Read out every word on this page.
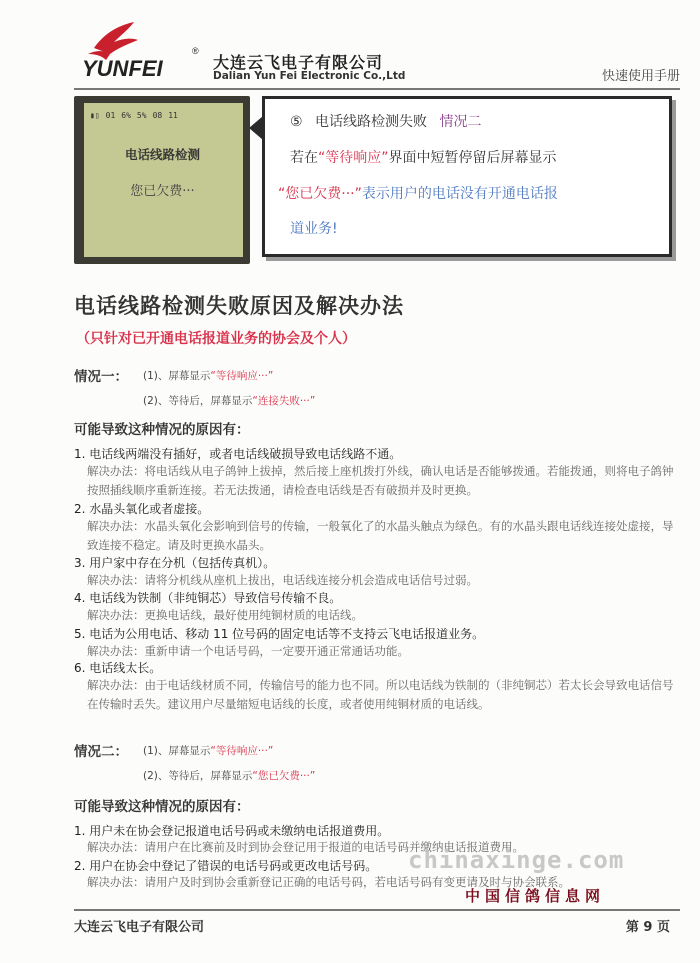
YUNFEI
®
大连云飞电子有限公司
Dalian Yun Fei Electronic Co.,Ltd	快速使用手册
▮▯ 01 6% 5% 08 11
电话线路检测
您已欠费···
⑤ 电话线路检测失败 情况二
若在“等待响应”界面中短暂停留后屏幕显示
“您已欠费···”表示用户的电话没有开通电话报
道业务!
电话线路检测失败原因及解决办法
（只针对已开通电话报道业务的协会及个人）
情况一： (1)、屏幕显示“等待响应···”
(2)、等待后，屏幕显示“连接失败···”
可能导致这种情况的原因有：
1. 电话线两端没有插好，或者电话线破损导致电话线路不通。
解决办法：将电话线从电子鸽钟上拔掉，然后接上座机拨打外线，确认电话是否能够拨通。若能拨通，则将电子鸽钟按照插线顺序重新连接。若无法拨通，请检查电话线是否有破损并及时更换。
2. 水晶头氧化或者虚接。
解决办法：水晶头氧化会影响到信号的传输，一般氧化了的水晶头触点为绿色。有的水晶头跟电话线连接处虚接，导致连接不稳定。请及时更换水晶头。
3. 用户家中存在分机（包括传真机）。
解决办法：请将分机线从座机上拔出，电话线连接分机会造成电话信号过弱。
4. 电话线为铁制（非纯铜芯）导致信号传输不良。
解决办法：更换电话线，最好使用纯铜材质的电话线。
5. 电话为公用电话、移动 11 位号码的固定电话等不支持云飞电话报道业务。
解决办法：重新申请一个电话号码，一定要开通正常通话功能。
6. 电话线太长。
解决办法：由于电话线材质不同，传输信号的能力也不同。所以电话线为铁制的（非纯铜芯）若太长会导致电话信号在传输时丢失。建议用户尽量缩短电话线的长度，或者使用纯铜材质的电话线。
情况二： (1)、屏幕显示“等待响应···”
(2)、等待后，屏幕显示“您已欠费···”
可能导致这种情况的原因有：
1. 用户未在协会登记报道电话号码或未缴纳电话报道费用。
解决办法：请用户在比赛前及时到协会登记用于报道的电话号码并缴纳电话报道费用。
2. 用户在协会中登记了错误的电话号码或更改电话号码。
解决办法：请用户及时到协会重新登记正确的电话号码，若电话号码有变更请及时与协会联系。
chinaxinge.com
中国信鸽信息网
大连云飞电子有限公司	第 9 页
